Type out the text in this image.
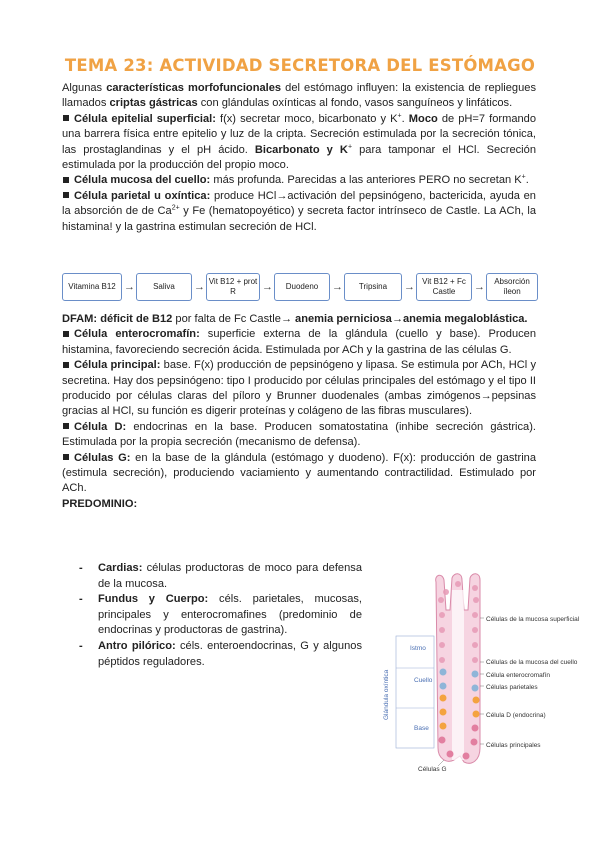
TEMA 23: ACTIVIDAD SECRETORA DEL ESTÓMAGO

Algunas características morfofuncionales del estómago influyen: la existencia de repliegues llamados criptas gástricas con glándulas oxínticas al fondo, vasos sanguíneos y linfáticos.

Célula epitelial superficial: f(x) secretar moco, bicarbonato y K+. Moco de pH=7 formando una barrera física entre epitelio y luz de la cripta. Secreción estimulada por la secreción tónica, las prostaglandinas y el pH ácido. Bicarbonato y K+ para tamponar el HCl. Secreción estimulada por la producción del propio moco.

Célula mucosa del cuello: más profunda. Parecidas a las anteriores PERO no secretan K+.

Célula parietal u oxíntica: produce HCl→activación del pepsinógeno, bactericida, ayuda en la absorción de de $Ca^{2+}$ y Fe (hematopoyético) y secreta factor intrínseco de Castle. La ACh, la histamina! y la gastrina estimulan secreción de HCl.

Vitamina B12 →	Saliva	→ Vit B12 + prot R	→	Duodeno	→	Tripsina	→ Vit B12 + Fc Castle	→	Absorción íleon

DFAM: déficit de B12 por falta de Fc Castle→ anemia perniciosa→anemia megaloblástica.

Célula enterocromafín: superficie externa de la glándula (cuello y base). Producen histamina, favoreciendo secreción ácida. Estimulada por ACh y la gastrina de las células G.

Célula principal: base. F(x) producción de pepsinógeno y lipasa. Se estimula por ACh, HCl y secretina. Hay dos pepsinógeno: tipo I producido por células principales del estómago y el tipo II producido por células claras del píloro y Brunner duodenales (ambas zimógenos→pepsinas gracias al HCl, su función es digerir proteínas y colágeno de las fibras musculares).

Célula D: endocrinas en la base. Producen somatostatina (inhibe secreción gástrica). Estimulada por la propia secreción (mecanismo de defensa).

Células G: en la base de la glándula (estómago y duodeno). F(x): producción de gastrina (estimula secreción), produciendo vaciamiento y aumentando contractilidad. Estimulado por ACh.

PREDOMINIO:

- Cardias: células productoras de moco para defensa de la mucosa.
- Fundus y Cuerpo: céls. parietales, mucosas, principales y enterocromafines (predominio de endocrinas y productoras de gastrina).
- Antro pilórico: céls. enteroendocrinas, G y algunos péptidos reguladores.
Glándula oxíntica
Istmo
Cuello
Base
Células de la mucosa superficial
Células de la mucosa del cuello
Célula enterocromafín
Células parietales
Célula D (endocrina)
Células principales
Células G
